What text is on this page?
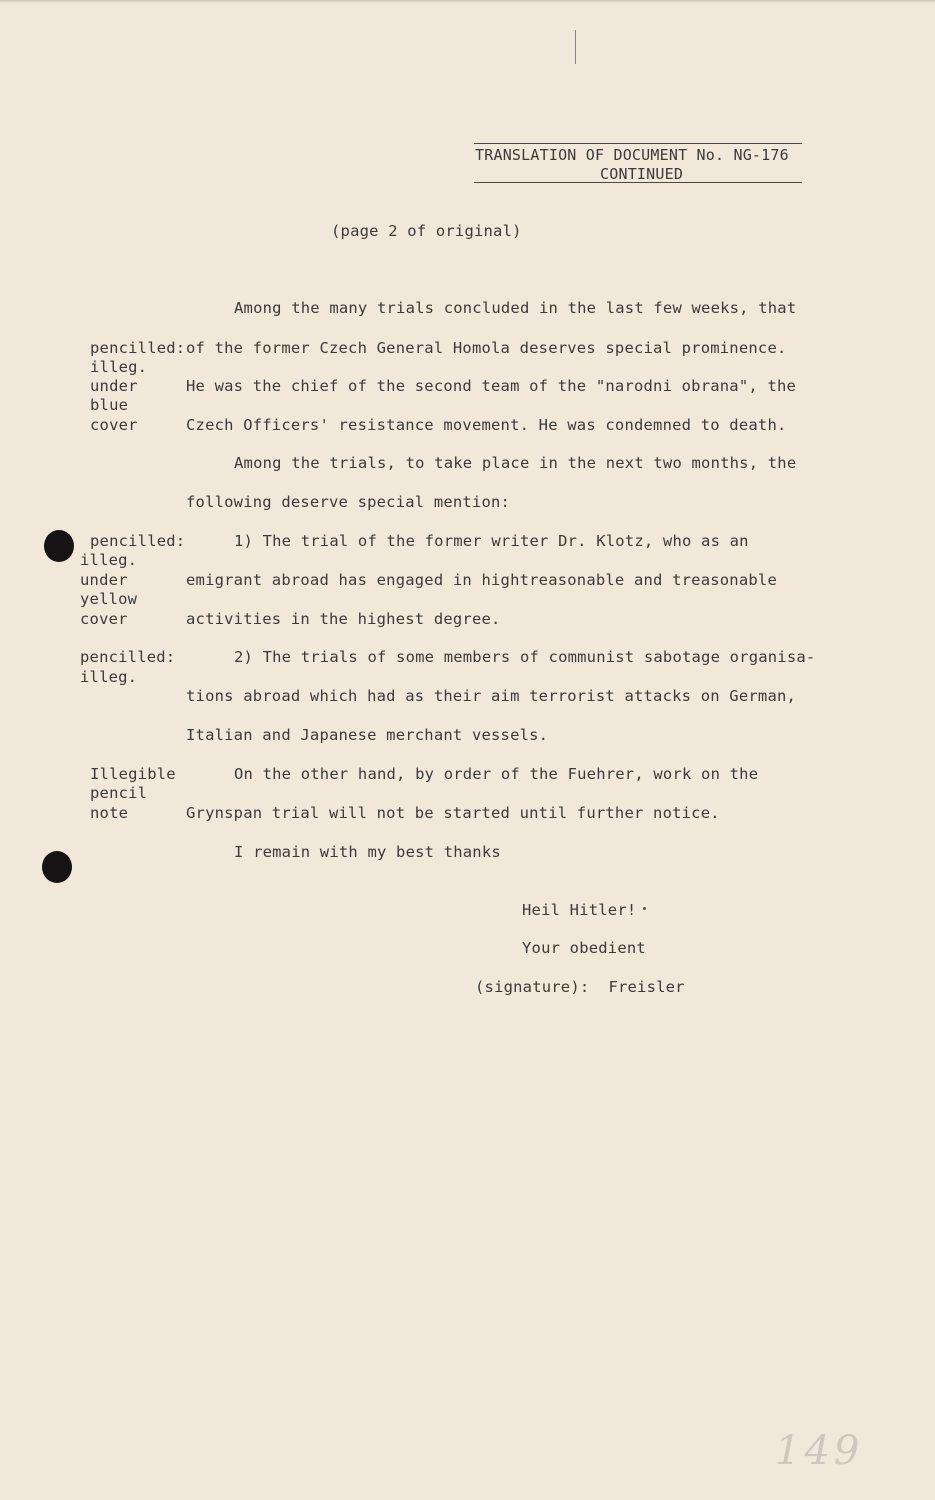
TRANSLATION OF DOCUMENT No. NG-176
CONTINUED
(page 2 of original)
Among the many trials concluded in the last few weeks, that
pencilled: of the former Czech General Homola deserves special prominence.
illeg.
under	He was the chief of the second team of the "narodni obrana", the
blue
cover	Czech Officers' resistance movement. He was condemned to death.
Among the trials, to take place in the next two months, the
following deserve special mention:
pencilled:	1) The trial of the former writer Dr. Klotz, who as an
illeg.
under	emigrant abroad has engaged in hightreasonable and treasonable
yellow
cover	activities in the highest degree.
pencilled:	2) The trials of some members of communist sabotage organisa-
illeg.
tions abroad which had as their aim terrorist attacks on German,
Italian and Japanese merchant vessels.
Illegible	On the other hand, by order of the Fuehrer, work on the
pencil
note	Grynspan trial will not be started until further notice.
I remain with my best thanks
Heil Hitler!
Your obedient
(signature):  Freisler
149
